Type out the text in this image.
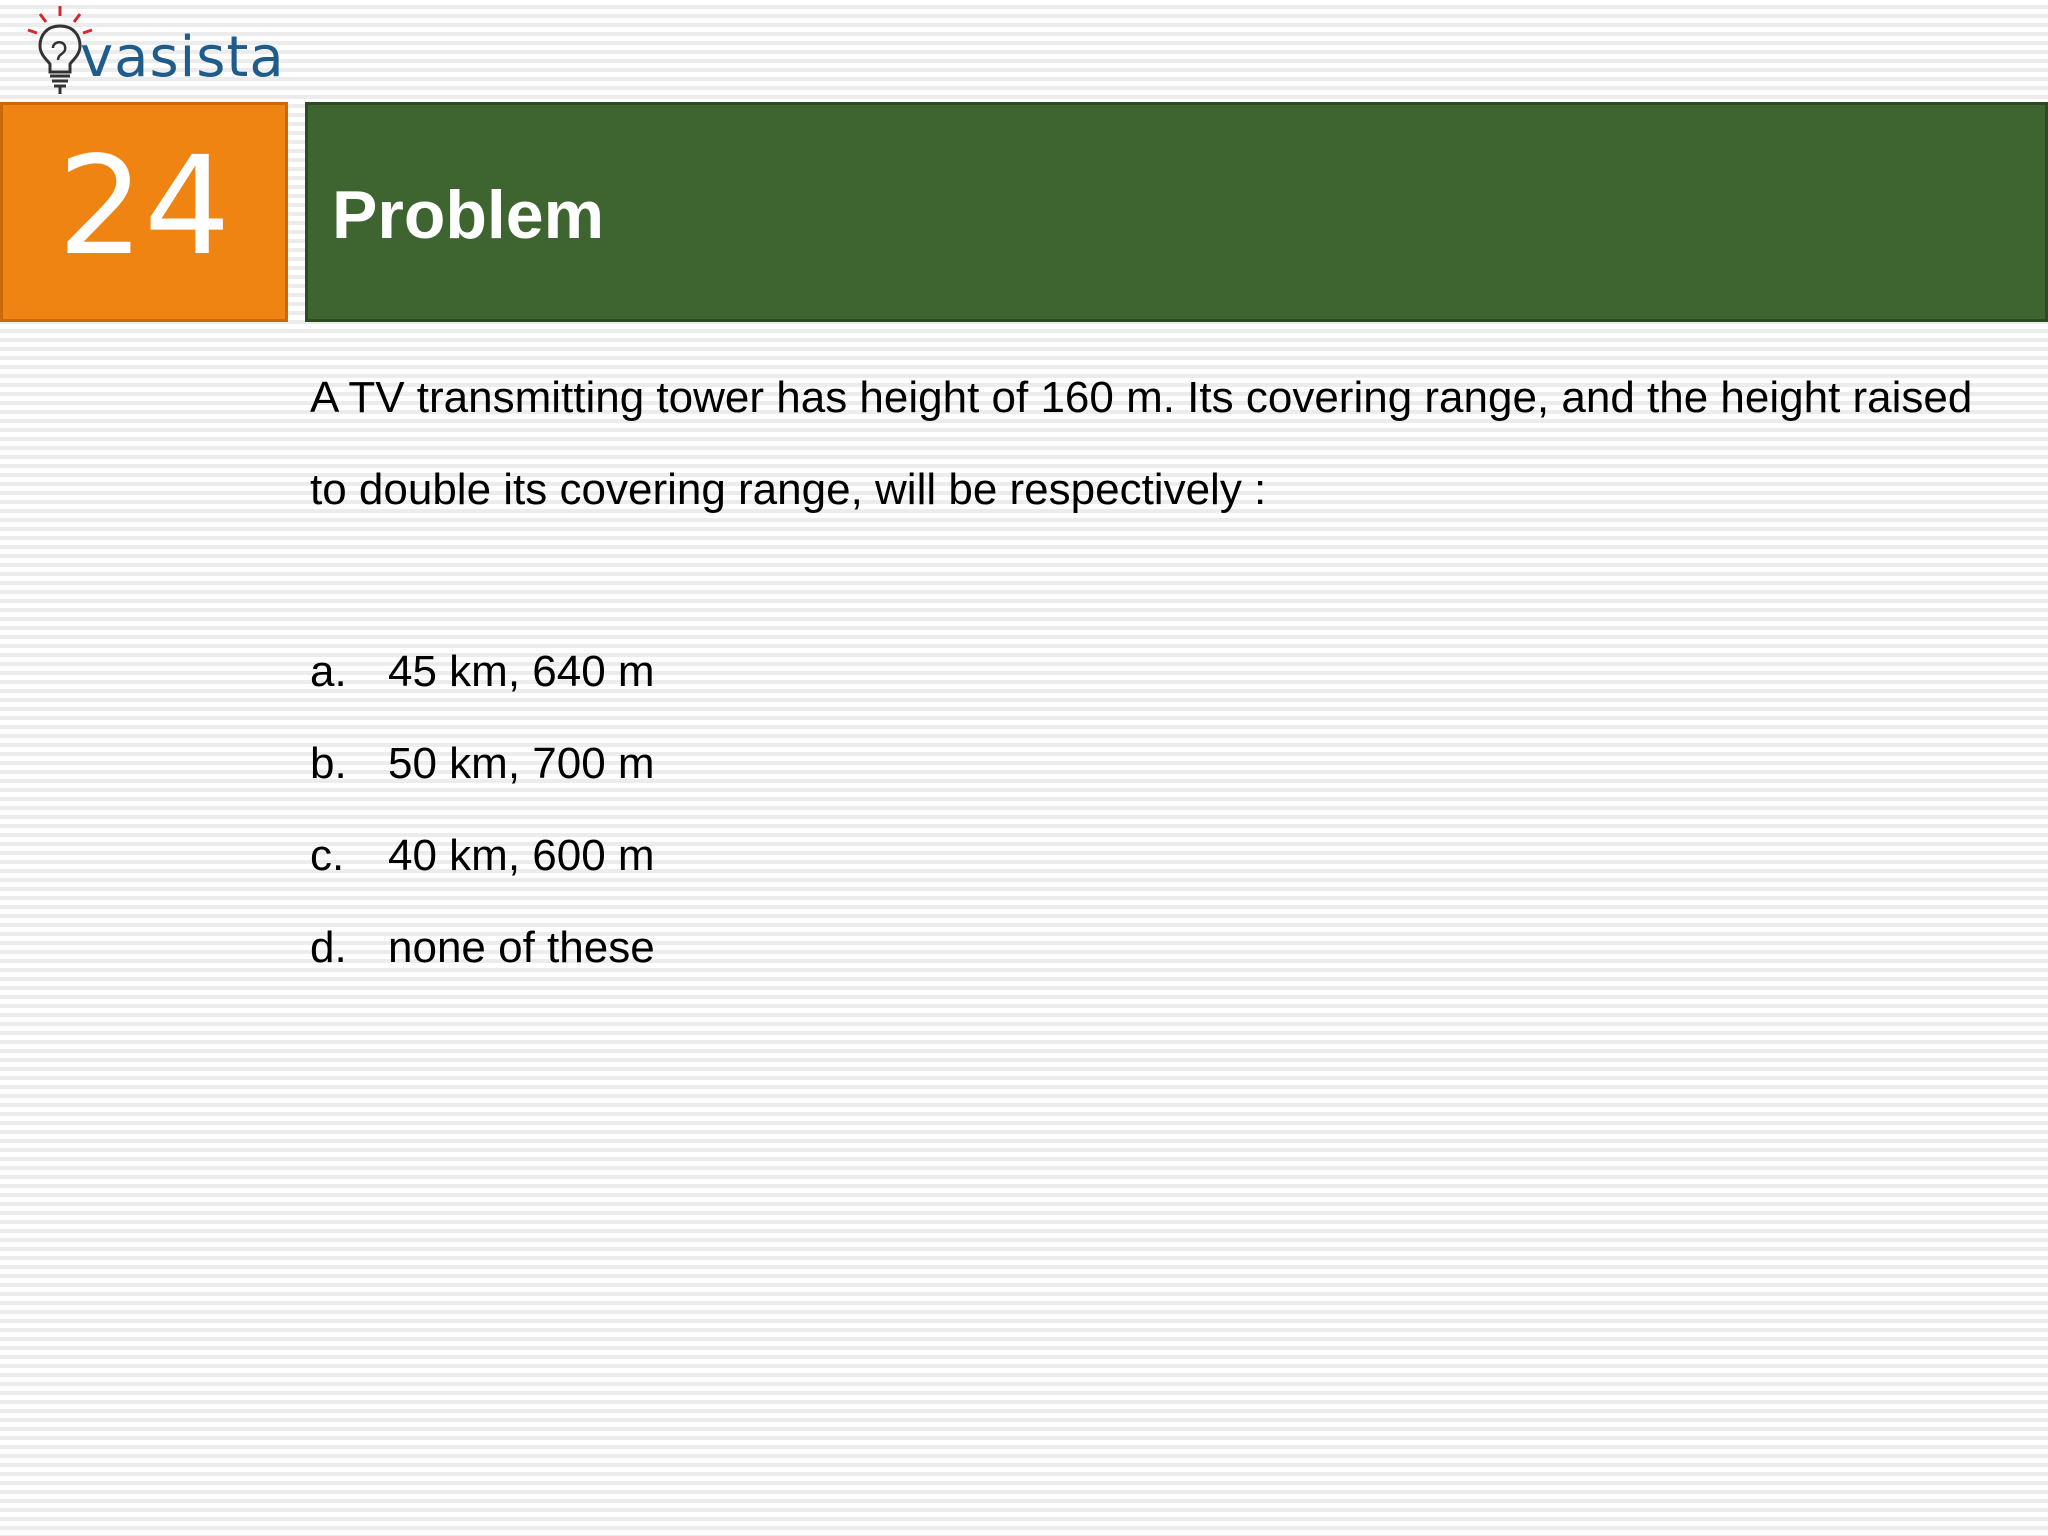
vasista
24 Problem

A TV transmitting tower has height of 160 m. Its covering range, and the height raised to double its covering range, will be respectively :

a. 45 km, 640 m
b. 50 km, 700 m
c. 40 km, 600 m
d. none of these
